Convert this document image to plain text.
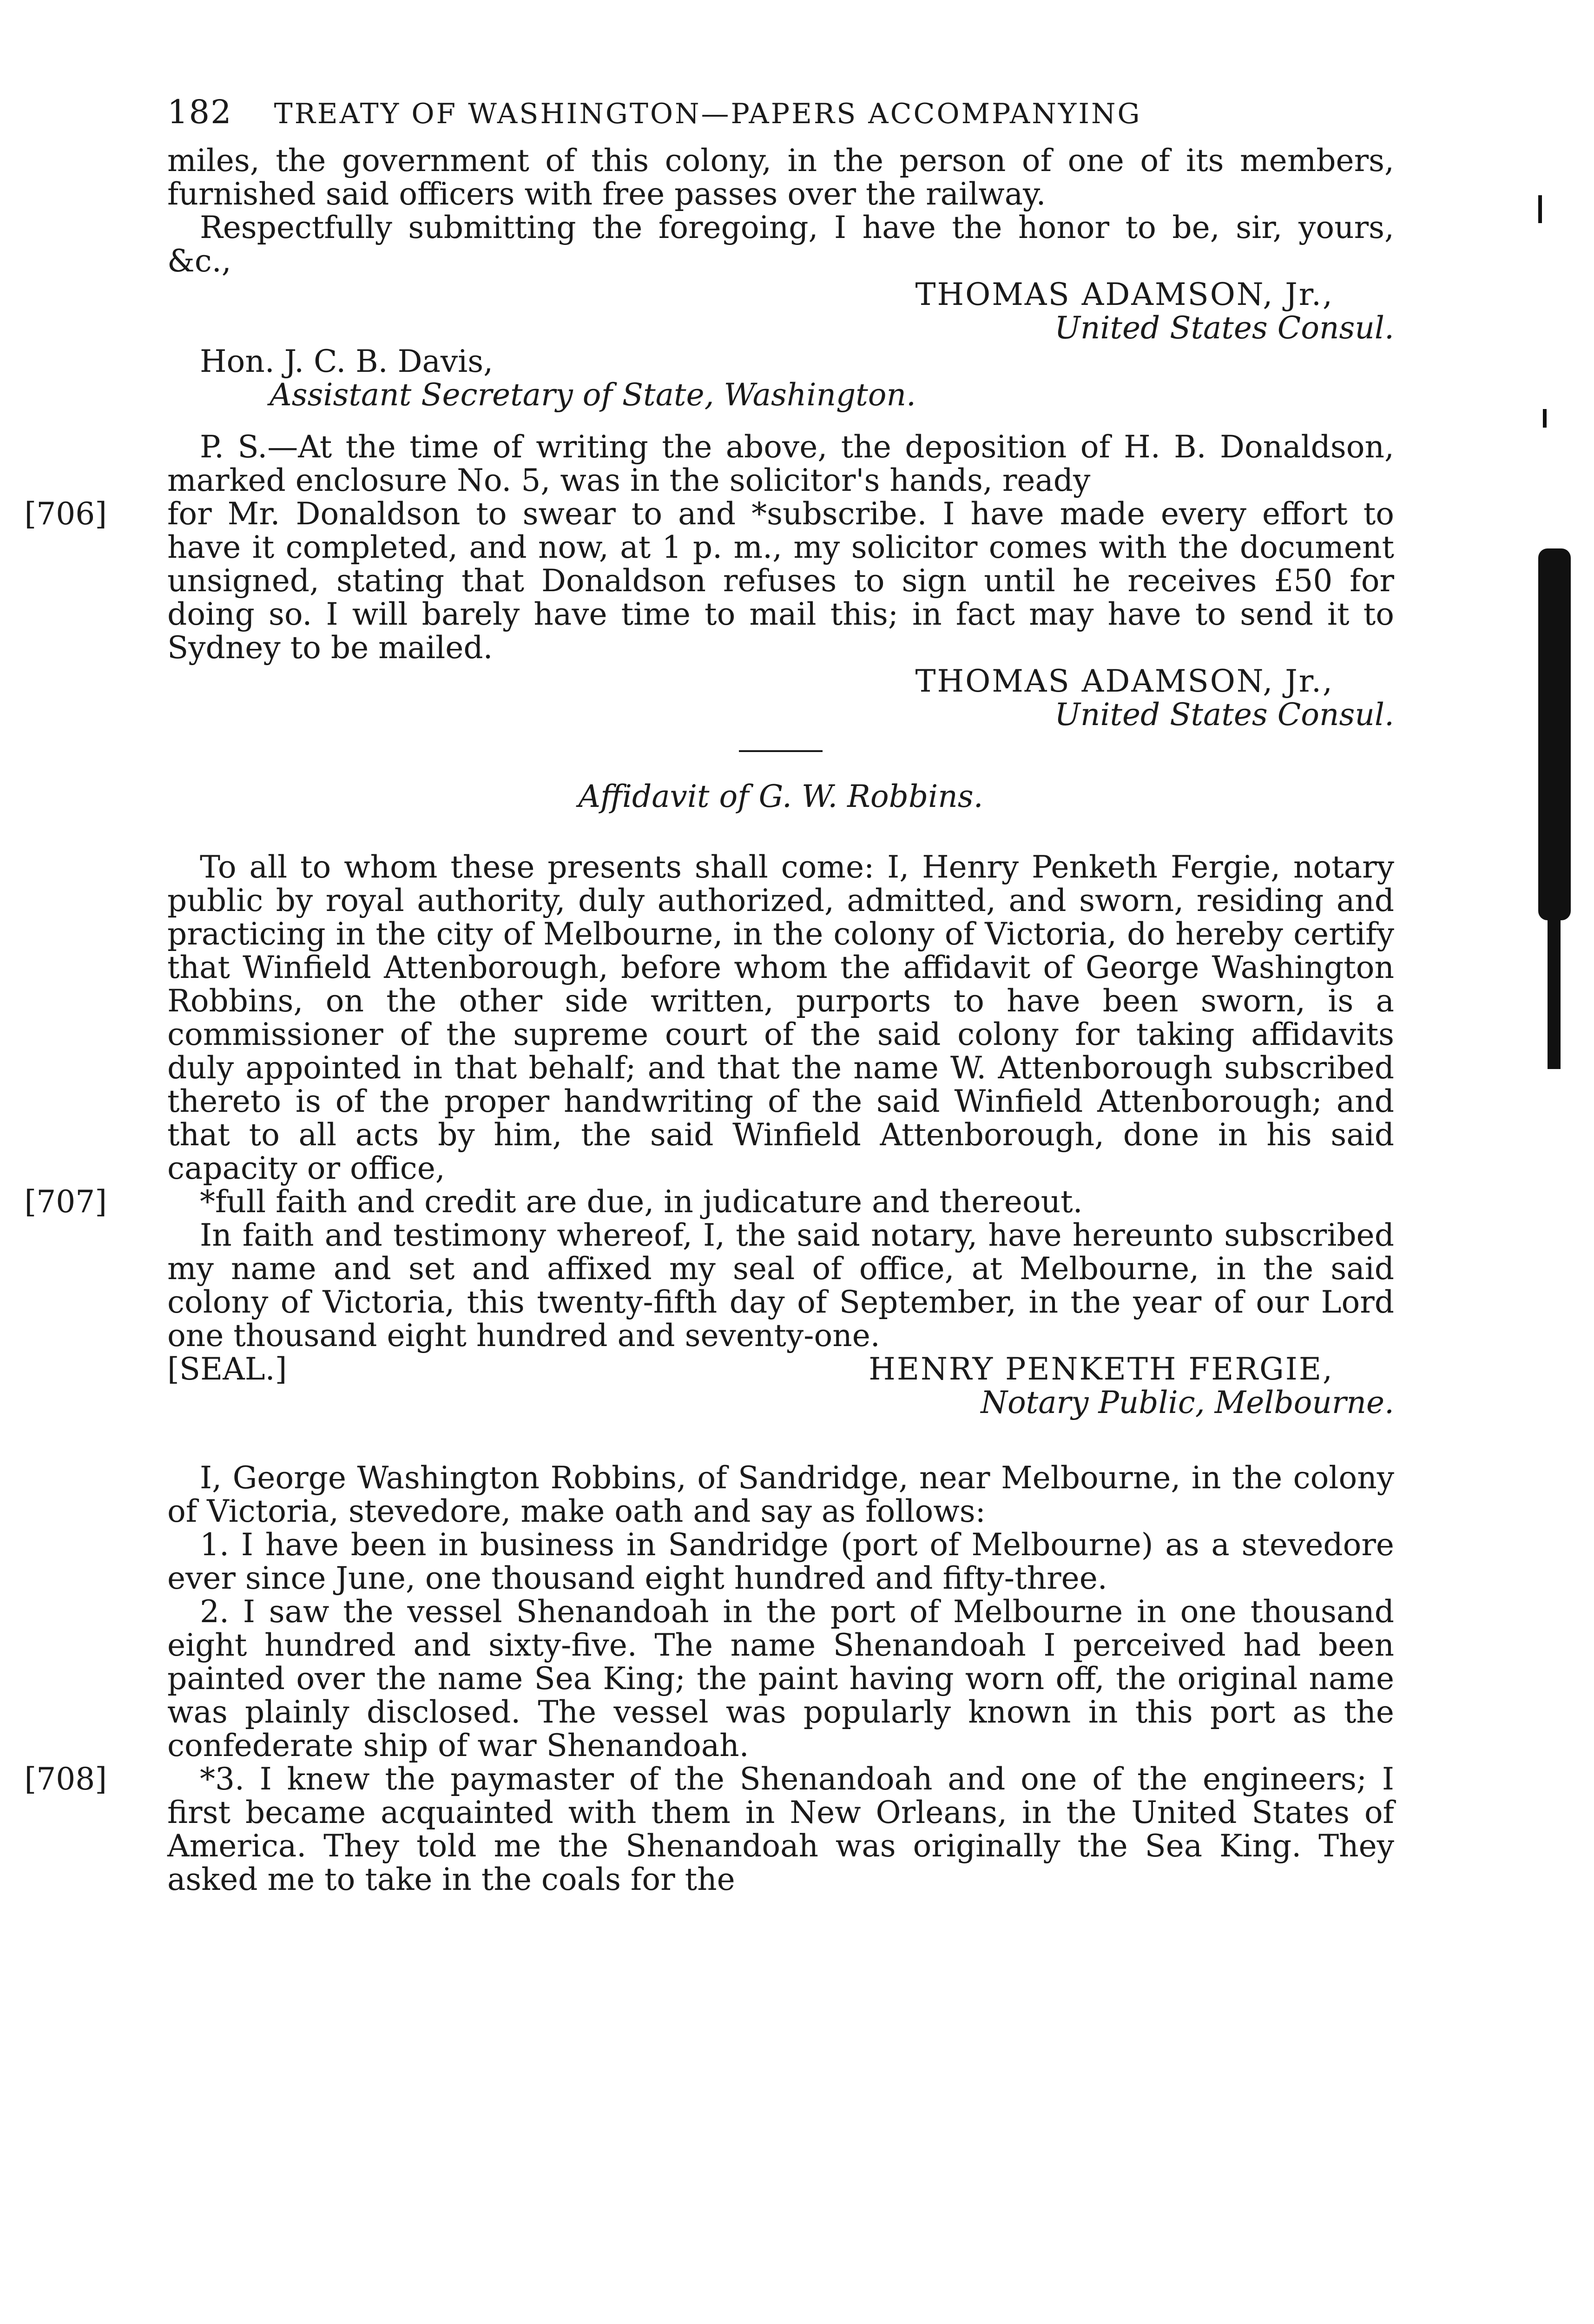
182 TREATY OF WASHINGTON—PAPERS ACCOMPANYING

miles, the government of this colony, in the person of one of its members, furnished said officers with free passes over the railway.

Respectfully submitting the foregoing, I have the honor to be, sir, yours, &c.,

THOMAS ADAMSON, Jr.,

United States Consul.

Hon. J. C. B. Davis,

Assistant Secretary of State, Washington.

P. S.—At the time of writing the above, the deposition of H. B. Donaldson, marked enclosure No. 5, was in the solicitor's hands, ready

[706] for Mr. Donaldson to swear to and *subscribe. I have made every effort to have it completed, and now, at 1 p. m., my solicitor comes with the document unsigned, stating that Donaldson refuses to sign until he receives £50 for doing so. I will barely have time to mail this; in fact may have to send it to Sydney to be mailed.

THOMAS ADAMSON, Jr.,

United States Consul.

Affidavit of G. W. Robbins.

To all to whom these presents shall come: I, Henry Penketh Fergie, notary public by royal authority, duly authorized, admitted, and sworn, residing and practicing in the city of Melbourne, in the colony of Victoria, do hereby certify that Winfield Attenborough, before whom the affidavit of George Washington Robbins, on the other side written, purports to have been sworn, is a commissioner of the supreme court of the said colony for taking affidavits duly appointed in that behalf; and that the name W. Attenborough subscribed thereto is of the proper handwriting of the said Winfield Attenborough; and that to all acts by him, the said Winfield Attenborough, done in his said capacity or office,

[707]	*full faith and credit are due, in judicature and thereout.

In faith and testimony whereof, I, the said notary, have hereunto subscribed my name and set and affixed my seal of office, at Melbourne, in the said colony of Victoria, this twenty-fifth day of September, in the year of our Lord one thousand eight hundred and seventy-one.

[SEAL.]	HENRY PENKETH FERGIE,

Notary Public, Melbourne.

I, George Washington Robbins, of Sandridge, near Melbourne, in the colony of Victoria, stevedore, make oath and say as follows:

1. I have been in business in Sandridge (port of Melbourne) as a stevedore ever since June, one thousand eight hundred and fifty-three.

2. I saw the vessel Shenandoah in the port of Melbourne in one thousand eight hundred and sixty-five. The name Shenandoah I perceived had been painted over the name Sea King; the paint having worn off, the original name was plainly disclosed. The vessel was popularly known in this port as the confederate ship of war Shenandoah.

[708]	*3. I knew the paymaster of the Shenandoah and one of the engineers; I first became acquainted with them in New Orleans, in the United States of America. They told me the Shenandoah was originally the Sea King. They asked me to take in the coals for the
